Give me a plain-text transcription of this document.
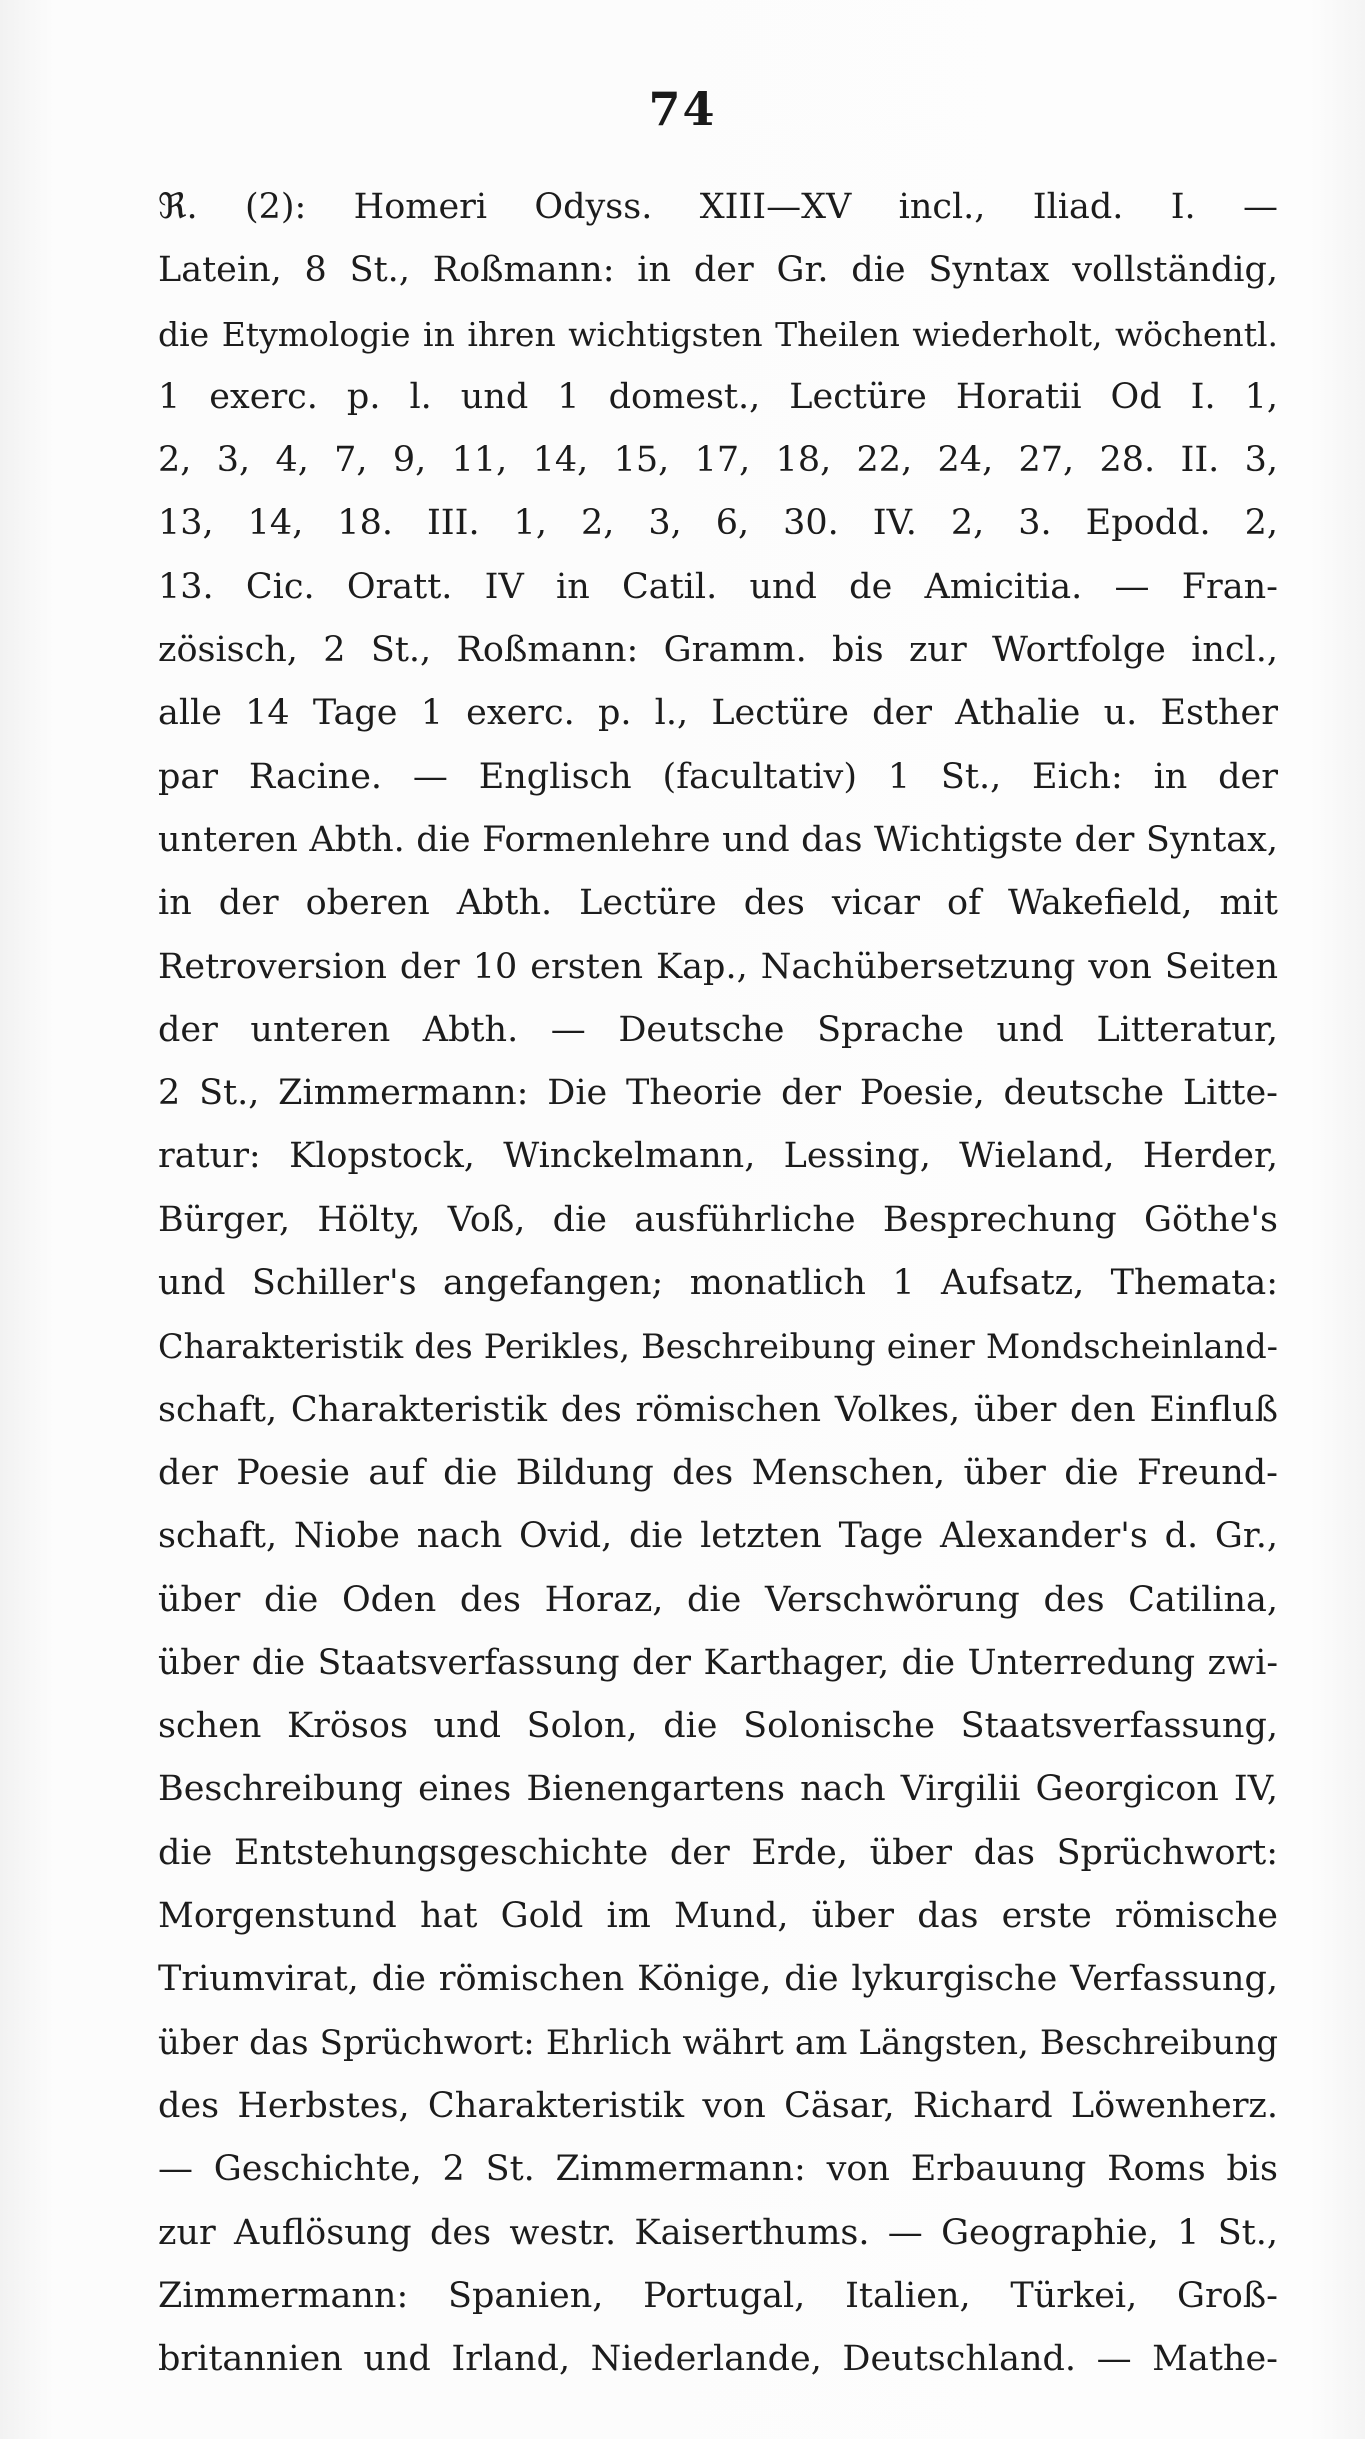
74
ℜ. (2): Homeri Odyss. XIII—XV incl., Iliad. I. —
Latein, 8 St., Roßmann: in der Gr. die Syntax vollständig,
die Etymologie in ihren wichtigsten Theilen wiederholt, wöchentl.
1 exerc. p. l. und 1 domest., Lectüre Horatii Od I. 1,
2, 3, 4, 7, 9, 11, 14, 15, 17, 18, 22, 24, 27, 28. II. 3,
13, 14, 18. III. 1, 2, 3, 6, 30. IV. 2, 3. Epodd. 2,
13. Cic. Oratt. IV in Catil. und de Amicitia. — Fran-
zösisch, 2 St., Roßmann: Gramm. bis zur Wortfolge incl.,
alle 14 Tage 1 exerc. p. l., Lectüre der Athalie u. Esther
par Racine. — Englisch (facultativ) 1 St., Eich: in der
unteren Abth. die Formenlehre und das Wichtigste der Syntax,
in der oberen Abth. Lectüre des vicar of Wakefield, mit
Retroversion der 10 ersten Kap., Nachübersetzung von Seiten
der unteren Abth. — Deutsche Sprache und Litteratur,
2 St., Zimmermann: Die Theorie der Poesie, deutsche Litte-
ratur: Klopstock, Winckelmann, Lessing, Wieland, Herder,
Bürger, Hölty, Voß, die ausführliche Besprechung Göthe's
und Schiller's angefangen; monatlich 1 Aufsatz, Themata:
Charakteristik des Perikles, Beschreibung einer Mondscheinland-
schaft, Charakteristik des römischen Volkes, über den Einfluß
der Poesie auf die Bildung des Menschen, über die Freund-
schaft, Niobe nach Ovid, die letzten Tage Alexander's d. Gr.,
über die Oden des Horaz, die Verschwörung des Catilina,
über die Staatsverfassung der Karthager, die Unterredung zwi-
schen Krösos und Solon, die Solonische Staatsverfassung,
Beschreibung eines Bienengartens nach Virgilii Georgicon IV,
die Entstehungsgeschichte der Erde, über das Sprüchwort:
Morgenstund hat Gold im Mund, über das erste römische
Triumvirat, die römischen Könige, die lykurgische Verfassung,
über das Sprüchwort: Ehrlich währt am Längsten, Beschreibung
des Herbstes, Charakteristik von Cäsar, Richard Löwenherz.
— Geschichte, 2 St. Zimmermann: von Erbauung Roms bis
zur Auflösung des westr. Kaiserthums. — Geographie, 1 St.,
Zimmermann: Spanien, Portugal, Italien, Türkei, Groß-
britannien und Irland, Niederlande, Deutschland. — Mathe-
